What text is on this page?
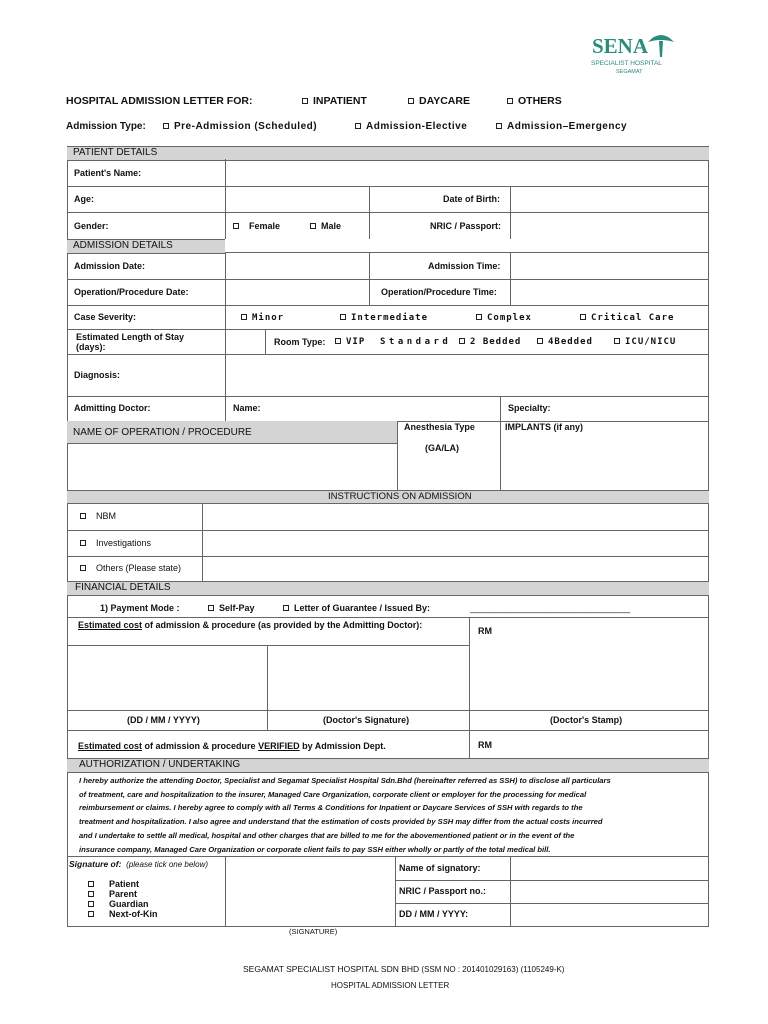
SENA
SPECIALIST HOSPITAL
SEGAMAT
HOSPITAL ADMISSION LETTER FOR:	INPATIENT	DAYCARE	OTHERS
Admission Type:	Pre-Admission (Scheduled)	Admission-Elective	Admission–Emergency
PATIENT DETAILS
Patient's Name:
Age:	Date of Birth:
Gender:	Female	Male	NRIC / Passport:
ADMISSION DETAILS
Admission Date:	Admission Time:
Operation/Procedure Date:	Operation/Procedure Time:
Case Severity:	Minor	Intermediate	Complex	Critical Care
Estimated Length of Stay
(days):	Room Type:	VIP Standard	2 Bedded	4Bedded	ICU/NICU
Diagnosis:
Admitting Doctor:	Name:	Specialty:
NAME OF OPERATION / PROCEDURE	Anesthesia Type
(GA/LA)
IMPLANTS (if any)
INSTRUCTIONS ON ADMISSION
NBM
Investigations
Others (Please state)
FINANCIAL DETAILS
1) Payment Mode :	Self-Pay	Letter of Guarantee / Issued By:	________________________________
Estimated cost of admission & procedure (as provided by the Admitting Doctor):
RM
(DD / MM / YYYY)	(Doctor's Signature)	(Doctor's Stamp)
Estimated cost of admission & procedure VERIFIED by Admission Dept.	RM
AUTHORIZATION / UNDERTAKING
I hereby authorize the attending Doctor, Specialist and Segamat Specialist Hospital Sdn.Bhd (hereinafter referred as SSH) to disclose all particulars
of treatment, care and hospitalization to the insurer, Managed Care Organization, corporate client or employer for the processing for medical
reimbursement or claims. I hereby agree to comply with all Terms & Conditions for Inpatient or Daycare Services of SSH with regards to the
treatment and hospitalization. I also agree and understand that the estimation of costs provided by SSH may differ from the actual costs incurred
and I undertake to settle all medical, hospital and other charges that are billed to me for the abovementioned patient or in the event of the
insurance company, Managed Care Organization or corporate client fails to pay SSH either wholly or partly of the total medical bill.
Signature of: (please tick one below)
Patient
Parent
Guardian
Next-of-Kin
Name of signatory:
NRIC / Passport no.:
DD / MM / YYYY:
(SIGNATURE)
SEGAMAT SPECIALIST HOSPITAL SDN BHD (SSM NO : 201401029163) (1105249-K)
HOSPITAL ADMISSION LETTER
